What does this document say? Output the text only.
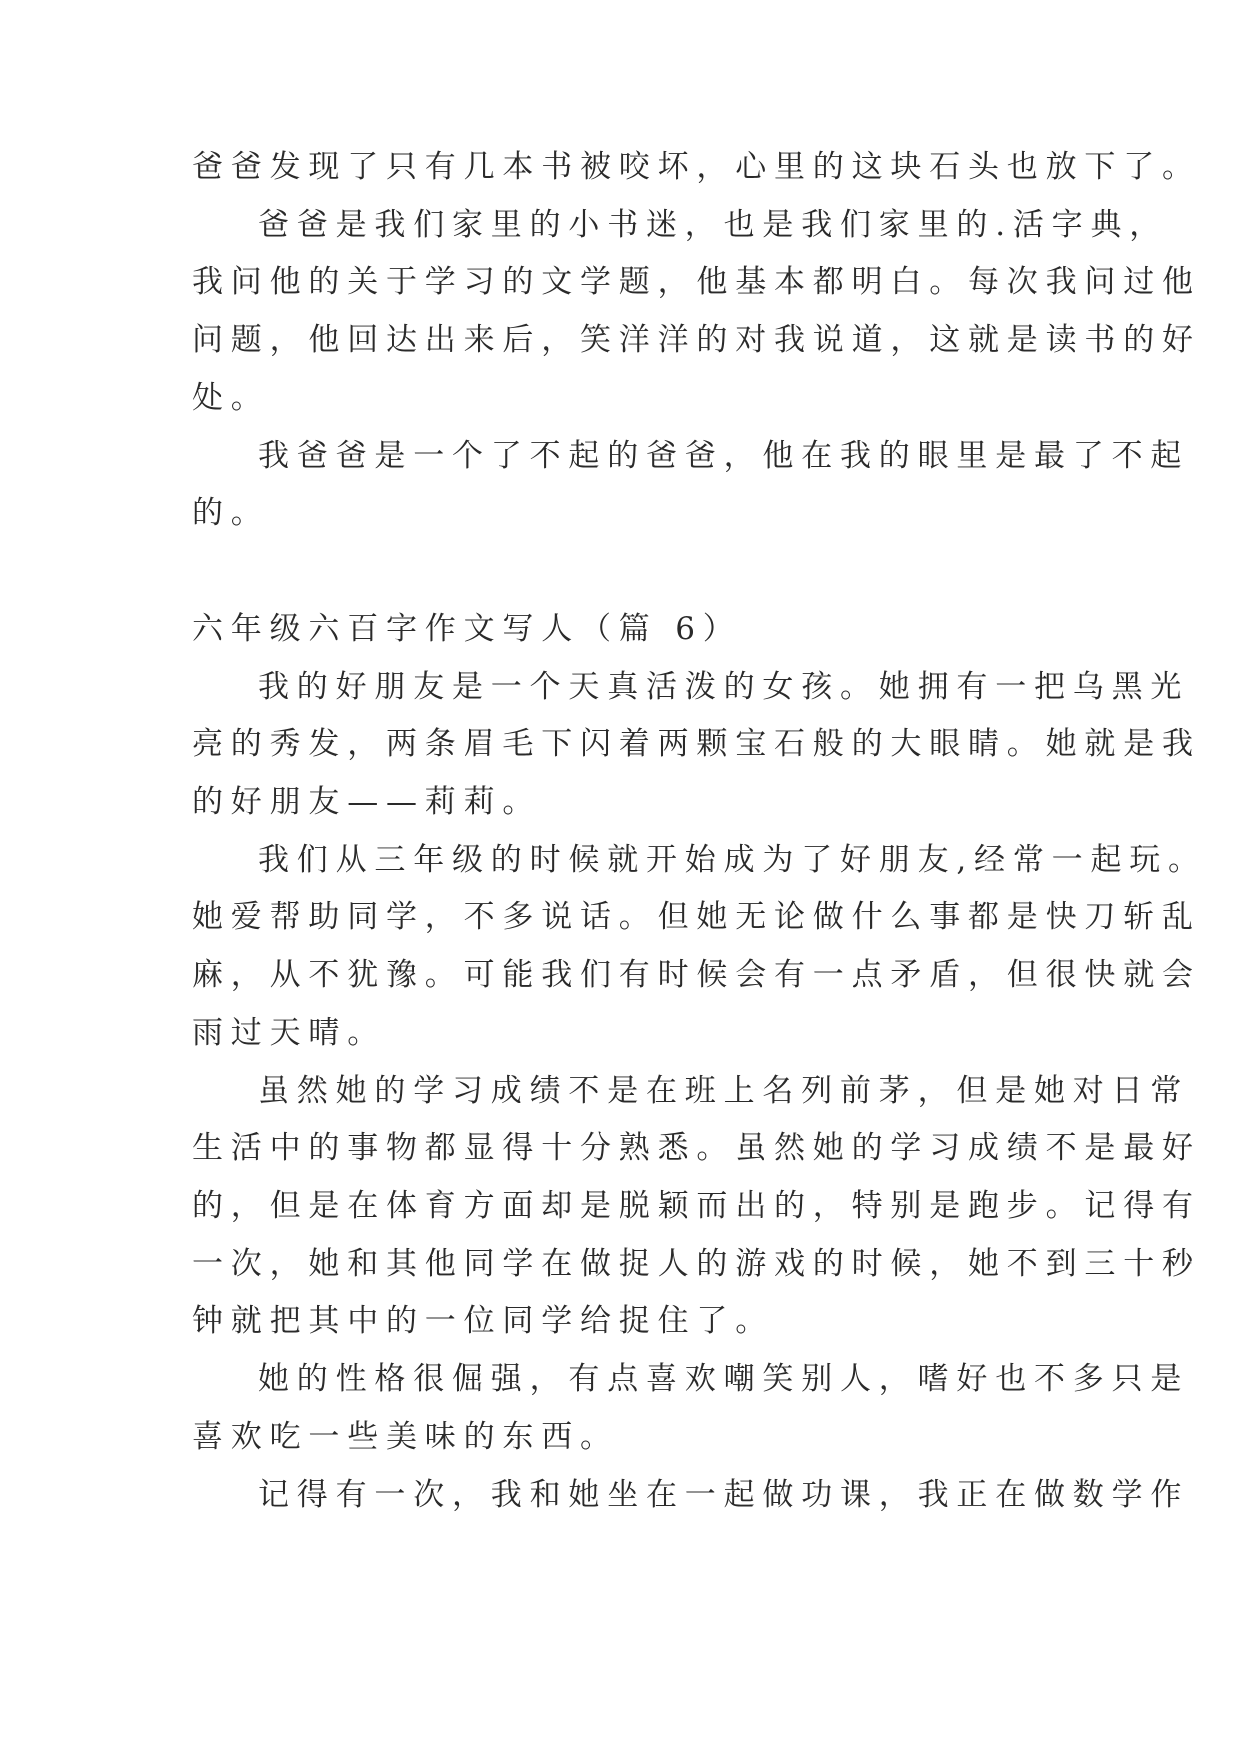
爸爸发现了只有几本书被咬坏，心里的这块石头也放下了。
爸爸是我们家里的小书迷，也是我们家里的.活字典，
我问他的关于学习的文学题，他基本都明白。每次我问过他
问题，他回达出来后，笑洋洋的对我说道，这就是读书的好
处。
我爸爸是一个了不起的爸爸，他在我的眼里是最了不起
的。
六年级六百字作文写人（篇 6）
我的好朋友是一个天真活泼的女孩。她拥有一把乌黑光
亮的秀发，两条眉毛下闪着两颗宝石般的大眼睛。她就是我
的好朋友——莉莉。
我们从三年级的时候就开始成为了好朋友,经常一起玩。
她爱帮助同学，不多说话。但她无论做什么事都是快刀斩乱
麻，从不犹豫。可能我们有时候会有一点矛盾，但很快就会
雨过天晴。
虽然她的学习成绩不是在班上名列前茅，但是她对日常
生活中的事物都显得十分熟悉。虽然她的学习成绩不是最好
的，但是在体育方面却是脱颖而出的，特别是跑步。记得有
一次，她和其他同学在做捉人的游戏的时候，她不到三十秒
钟就把其中的一位同学给捉住了。
她的性格很倔强，有点喜欢嘲笑别人，嗜好也不多只是
喜欢吃一些美味的东西。
记得有一次，我和她坐在一起做功课，我正在做数学作
